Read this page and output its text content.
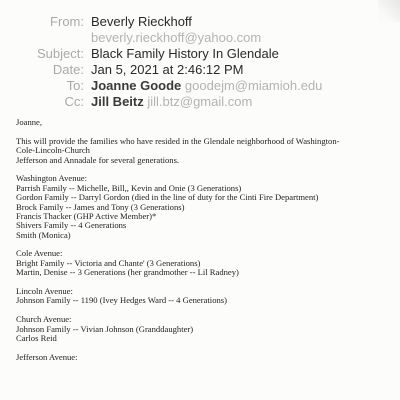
From: Beverly Rieckhoff
beverly.rieckhoff@yahoo.com
Subject: Black Family History In Glendale
Date: Jan 5, 2021 at 2:46:12 PM
To: Joanne Goode goodejm@miamioh.edu
Cc: Jill Beitz jill.btz@gmail.com
Joanne,
This will provide the families who have resided in the Glendale neighborhood of Washington-
Cole-Lincoln-Church
Jefferson and Annadale for several generations.
Washington Avenue:
Parrish Family -- Michelle, Bill,, Kevin and Onie (3 Generations)
Gordon Family -- Darryl Gordon (died in the line of duty for the Cinti Fire Department)
Brock Family -- James and Tony (3 Generations)
Francis Thacker (GHP Active Member)*
Shivers Family -- 4 Generations
Smith (Monica)
Cole Avenue:
Bright Family -- Victoria and Chante' (3 Generations)
Martin, Denise -- 3 Generations (her grandmother -- Lil Radney)
Lincoln Avenue:
Johnson Family -- 1190 (Ivey Hedges Ward -- 4 Generations)
Church Avenue:
Johnson Family -- Vivian Johnson (Granddaughter)
Carlos Reid
Jefferson Avenue:
